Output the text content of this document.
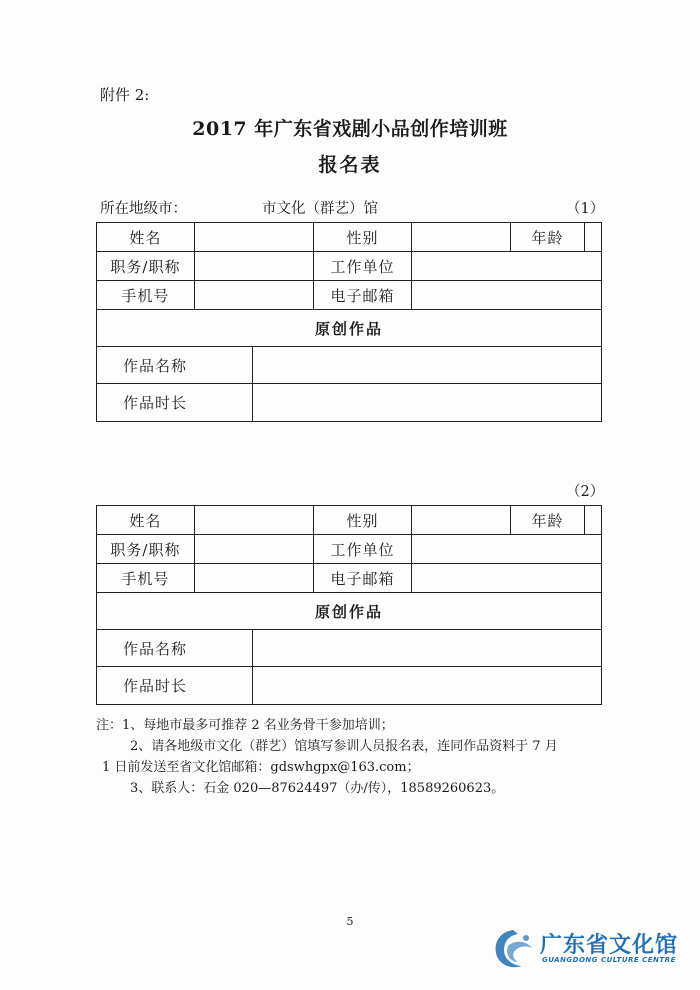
附件 2:
2017 年广东省戏剧小品创作培训班
报名表
所在地级市：	市文化（群艺）馆	（1）
姓名			性别		年龄	
职务/职称			工作单位			
手机号			电子邮箱			
原创作品						
作品名称						
作品时长						
（2）
姓名			性别		年龄	
职务/职称			工作单位			
手机号			电子邮箱			
原创作品						
作品名称						
作品时长						
注：1、每地市最多可推荐 2 名业务骨干参加培训；
2、请各地级市文化（群艺）馆填写参训人员报名表，连同作品资料于 7 月
1 日前发送至省文化馆邮箱：gdswhgpx@163.com；
3、联系人：石金 020—87624497（办/传），18589260623。
5
广东省文化馆
GUANGDONG CULTURE CENTRE
